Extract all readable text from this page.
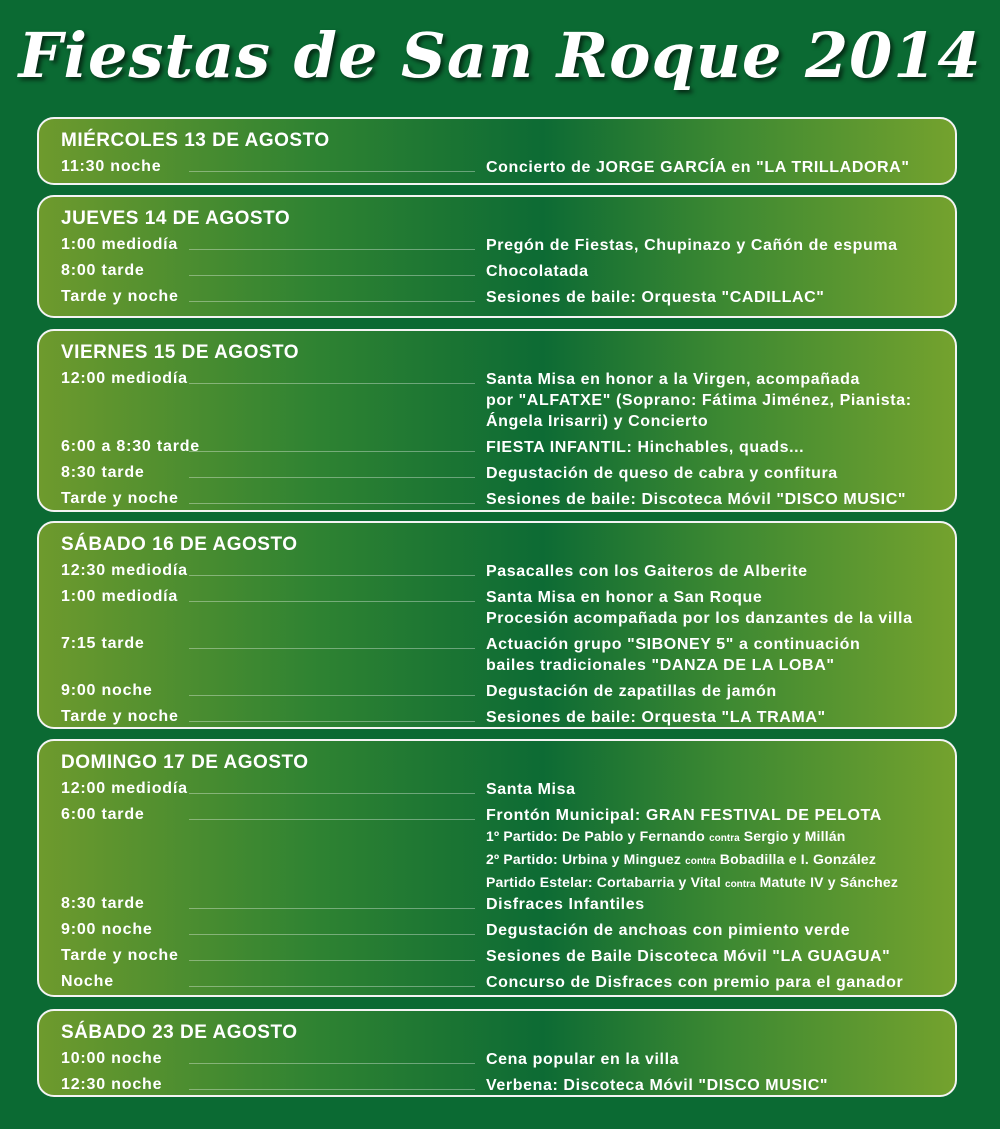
Fiestas de San Roque 2014
MIÉRCOLES 13 DE AGOSTO
11:30 noche	Concierto de JORGE GARCÍA en "LA TRILLADORA"
JUEVES 14 DE AGOSTO
1:00 mediodía	Pregón de Fiestas, Chupinazo y Cañón de espuma
8:00 tarde	Chocolatada
Tarde y noche	Sesiones de baile: Orquesta "CADILLAC"
VIERNES 15 DE AGOSTO
12:00 mediodía	Santa Misa en honor a la Virgen, acompañada
por "ALFATXE" (Soprano: Fátima Jiménez, Pianista:
Ángela Irisarri) y Concierto
6:00 a 8:30 tarde	FIESTA INFANTIL: Hinchables, quads...
8:30 tarde	Degustación de queso de cabra y confitura
Tarde y noche	Sesiones de baile: Discoteca Móvil "DISCO MUSIC"
SÁBADO 16 DE AGOSTO
12:30 mediodía	Pasacalles con los Gaiteros de Alberite
1:00 mediodía	Santa Misa en honor a San Roque
Procesión acompañada por los danzantes de la villa
7:15 tarde	Actuación grupo "SIBONEY 5" a continuación
bailes tradicionales "DANZA DE LA LOBA"
9:00 noche	Degustación de zapatillas de jamón
Tarde y noche	Sesiones de baile: Orquesta "LA TRAMA"
DOMINGO 17 DE AGOSTO
12:00 mediodía	Santa Misa
6:00 tarde	Frontón Municipal: GRAN FESTIVAL DE PELOTA
1º Partido: De Pablo y Fernando contra Sergio y Millán
2º Partido: Urbina y Minguez contra Bobadilla e I. González
Partido Estelar: Cortabarria y Vital contra Matute IV y Sánchez
8:30 tarde	Disfraces Infantiles
9:00 noche	Degustación de anchoas con pimiento verde
Tarde y noche	Sesiones de Baile Discoteca Móvil "LA GUAGUA"
Noche	Concurso de Disfraces con premio para el ganador
SÁBADO 23 DE AGOSTO
10:00 noche	Cena popular en la villa
12:30 noche	Verbena: Discoteca Móvil "DISCO MUSIC"
